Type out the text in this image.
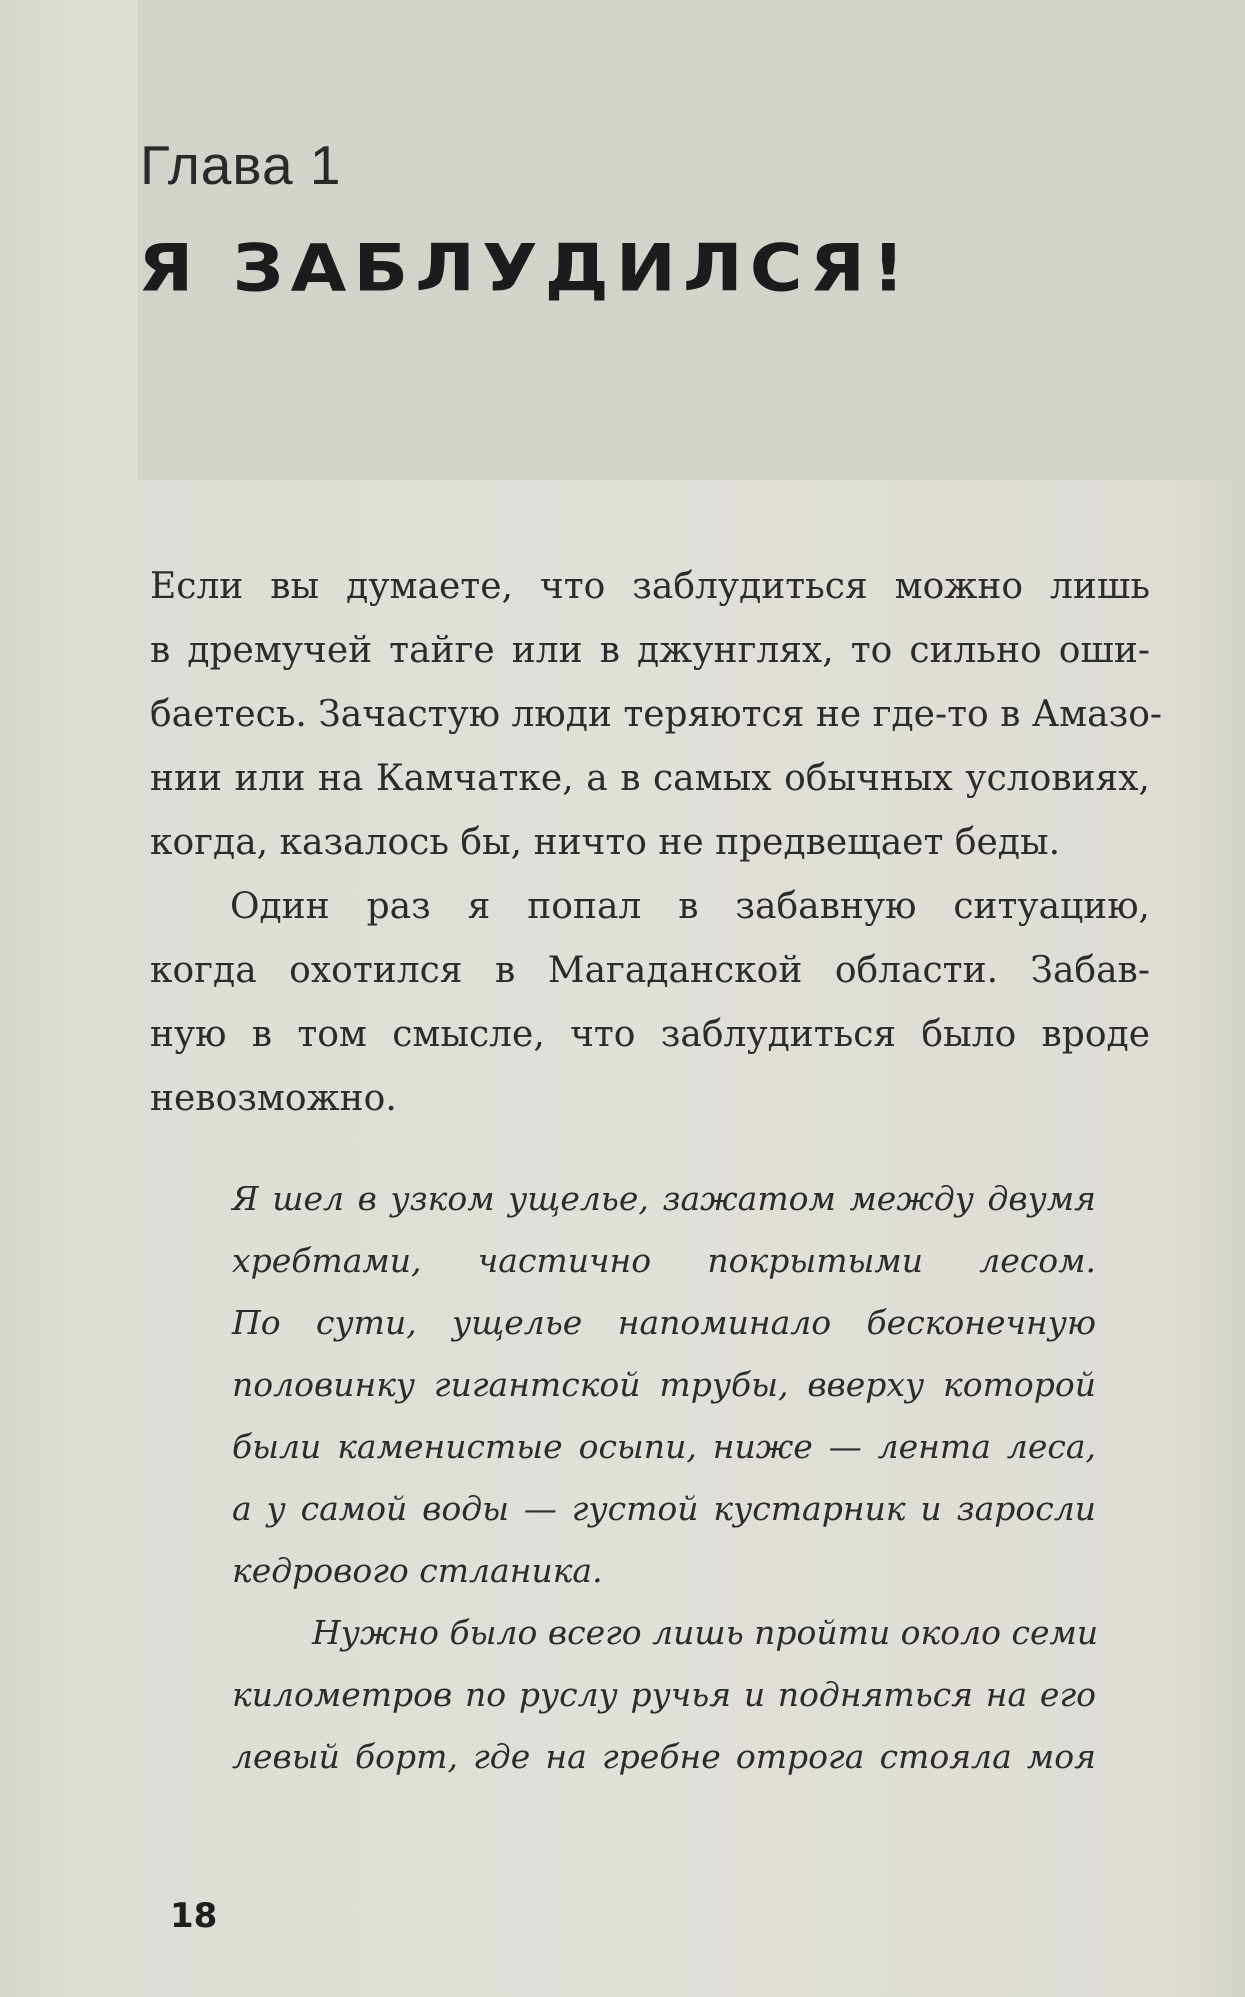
Глава 1
Я ЗАБЛУДИЛСЯ!
Если вы думаете, что заблудиться можно лишь
в дремучей тайге или в джунглях, то сильно оши-
баетесь. Зачастую люди теряются не где-то в Амазо-
нии или на Камчатке, а в самых обычных условиях,
когда, казалось бы, ничто не предвещает беды.
Один раз я попал в забавную ситуацию,
когда охотился в Магаданской области. Забав-
ную в том смысле, что заблудиться было вроде
невозможно.
Я шел в узком ущелье, зажатом между двумя
хребтами, частично покрытыми лесом.
По сути, ущелье напоминало бесконечную
половинку гигантской трубы, вверху которой
были каменистые осыпи, ниже — лента леса,
а у самой воды — густой кустарник и заросли
кедрового стланика.
Нужно было всего лишь пройти около семи
километров по руслу ручья и подняться на его
левый борт, где на гребне отрога стояла моя
18
